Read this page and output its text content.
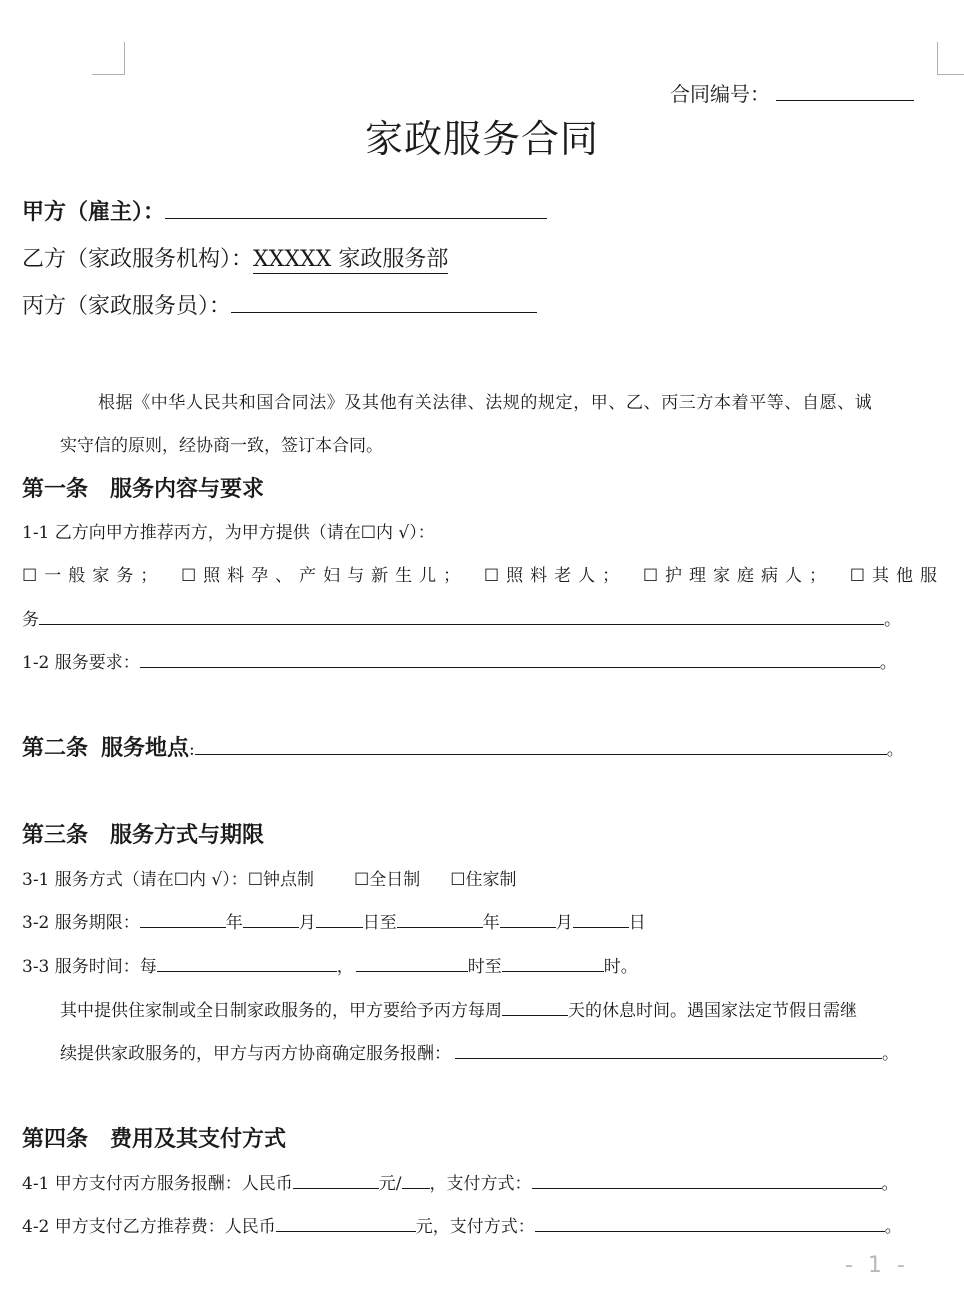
合同编号：
家政服务合同
甲方（雇主）：
乙方（家政服务机构）：XXXXX 家政服务部
丙方（家政服务员）：
根据《中华人民共和国合同法》及其他有关法律、法规的规定，甲、乙、丙三方本着平等、自愿、诚
实守信的原则，经协商一致，签订本合同。
第一条　服务内容与要求
1-1 乙方向甲方推荐丙方，为甲方提供（请在☐内 √）：
☐一般家务； ☐照料孕、产妇与新生儿； ☐照料老人； ☐护理家庭病人； ☐其他服
务	。
1-2 服务要求：	。
第二条 服务地点:	。
第三条　服务方式与期限
3-1 服务方式（请在☐内 √）：☐钟点制 ☐全日制 ☐住家制
3-2 服务期限：	年	月	日至	年	月	日
3-3 服务时间：每	，	时至	时。
其中提供住家制或全日制家政服务的，甲方要给予丙方每周	天的休息时间。遇国家法定节假日需继
续提供家政服务的，甲方与丙方协商确定服务报酬：	。
第四条　费用及其支付方式
4-1 甲方支付丙方服务报酬：人民币	元/ ，支付方式：	。
4-2 甲方支付乙方推荐费：人民币	元，支付方式：	。
- 1 -
